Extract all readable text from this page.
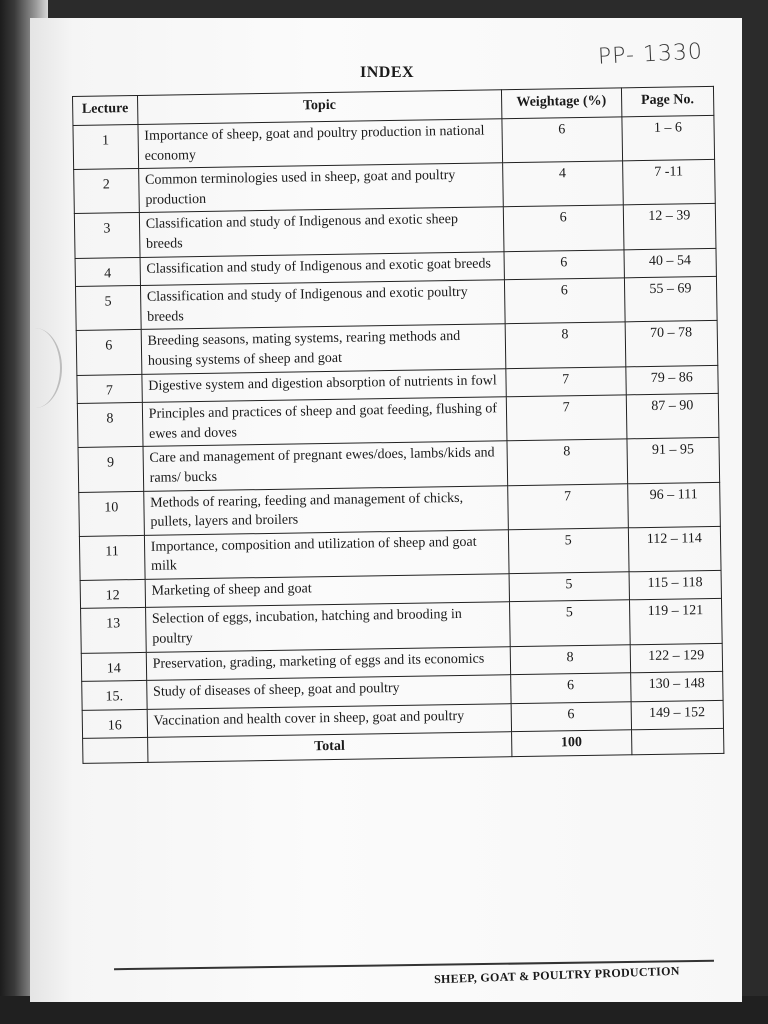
PP- 1330
INDEX
Lecture	Topic	Weightage (%)	Page No.
1	Importance of sheep, goat and poultry production in national economy	6	1 – 6
2	Common terminologies used in sheep, goat and poultry production	4	7 -11
3	Classification and study of Indigenous and exotic sheep breeds	6	12 – 39
4	Classification and study of Indigenous and exotic goat breeds	6	40 – 54
5	Classification and study of Indigenous and exotic poultry breeds	6	55 – 69
6	Breeding seasons, mating systems, rearing methods and housing systems of sheep and goat	8	70 – 78
7	Digestive system and digestion absorption of nutrients in fowl	7	79 – 86
8	Principles and practices of sheep and goat feeding, flushing of ewes and doves	7	87 – 90
9	Care and management of pregnant ewes/does, lambs/kids and rams/ bucks	8	91 – 95
10	Methods of rearing, feeding and management of chicks, pullets, layers and broilers	7	96 – 111
11	Importance, composition and utilization of sheep and goat milk	5	112 – 114
12	Marketing of sheep and goat	5	115 – 118
13	Selection of eggs, incubation, hatching and brooding in poultry	5	119 – 121
14	Preservation, grading, marketing of eggs and its economics	8	122 – 129
15.	Study of diseases of sheep, goat and poultry	6	130 – 148
16	Vaccination and health cover in sheep, goat and poultry	6	149 – 152
	Total	100	
SHEEP, GOAT & POULTRY PRODUCTION
